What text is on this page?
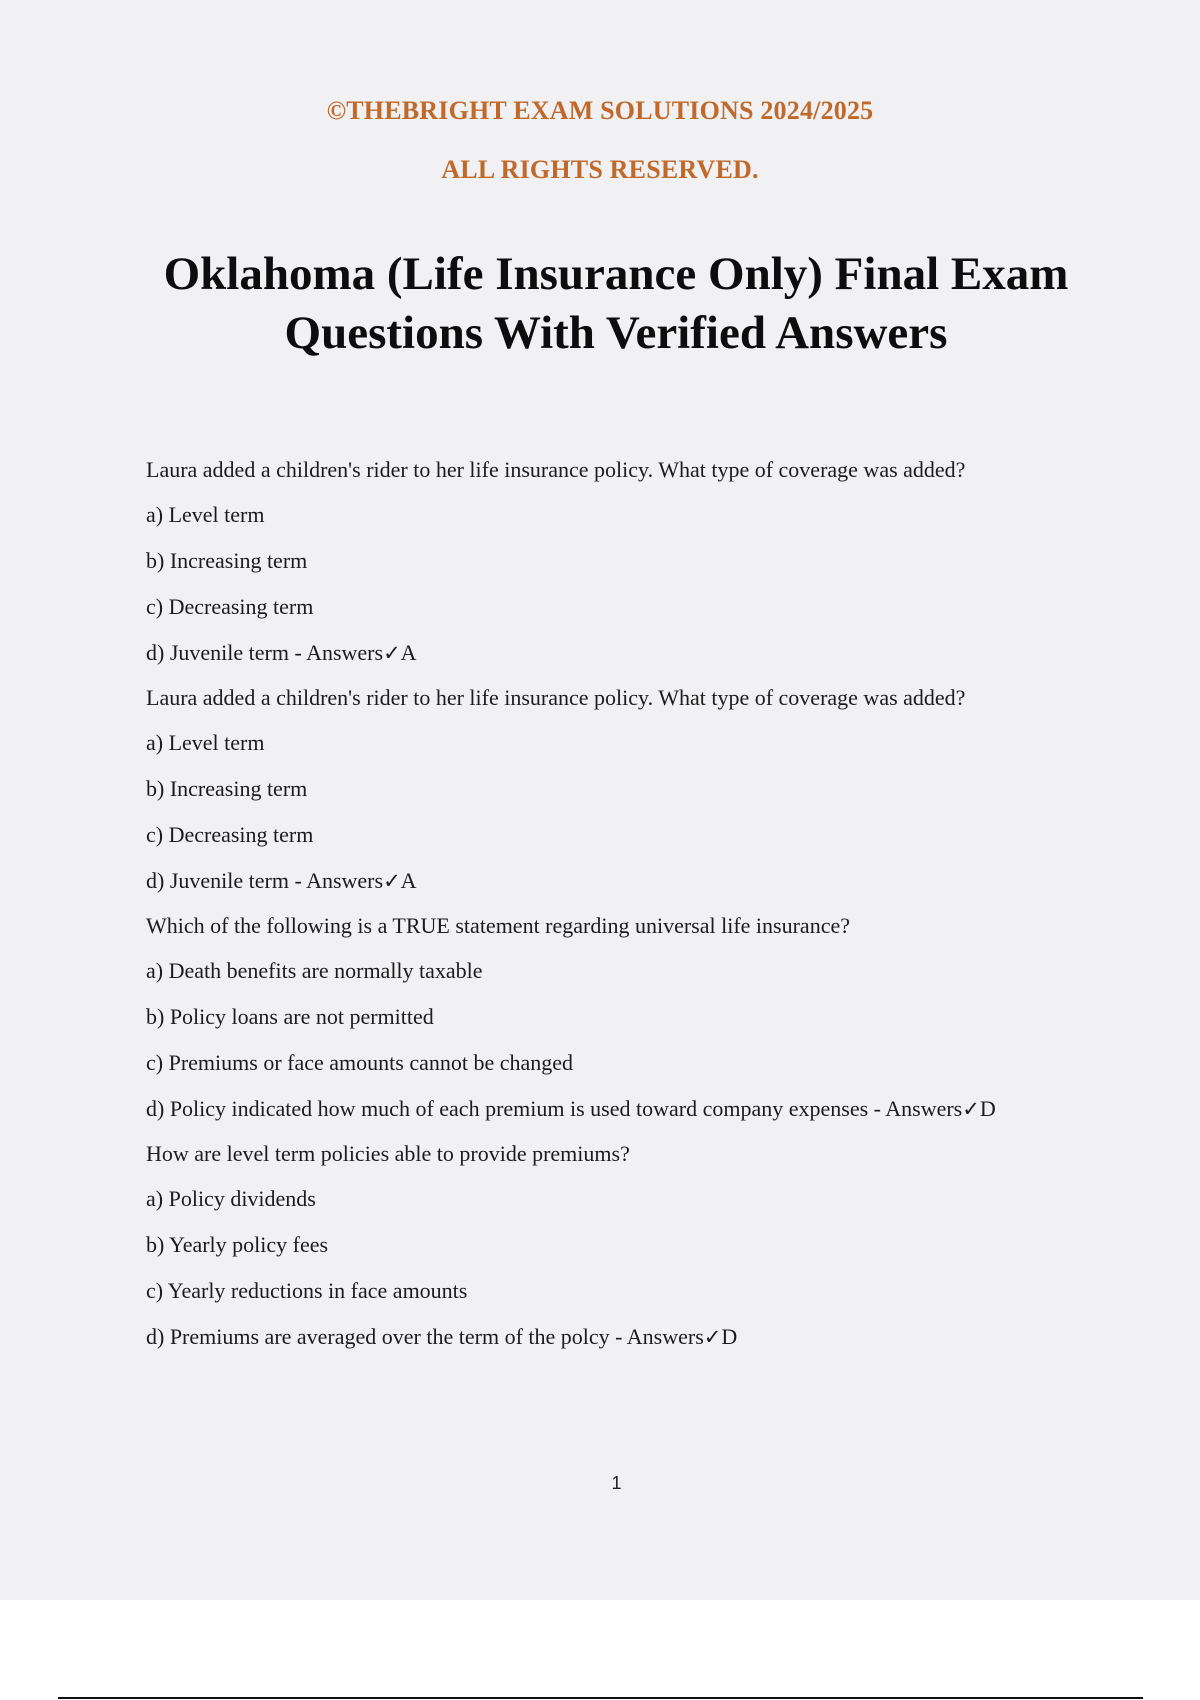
©THEBRIGHT EXAM SOLUTIONS 2024/2025
ALL RIGHTS RESERVED.
Oklahoma (Life Insurance Only) Final Exam
Questions With Verified Answers
Laura added a children's rider to her life insurance policy. What type of coverage was added?
a) Level term
b) Increasing term
c) Decreasing term
d) Juvenile term - Answers✓A
Laura added a children's rider to her life insurance policy. What type of coverage was added?
a) Level term
b) Increasing term
c) Decreasing term
d) Juvenile term - Answers✓A
Which of the following is a TRUE statement regarding universal life insurance?
a) Death benefits are normally taxable
b) Policy loans are not permitted
c) Premiums or face amounts cannot be changed
d) Policy indicated how much of each premium is used toward company expenses - Answers✓D
How are level term policies able to provide premiums?
a) Policy dividends
b) Yearly policy fees
c) Yearly reductions in face amounts
d) Premiums are averaged over the term of the polcy - Answers✓D
1
